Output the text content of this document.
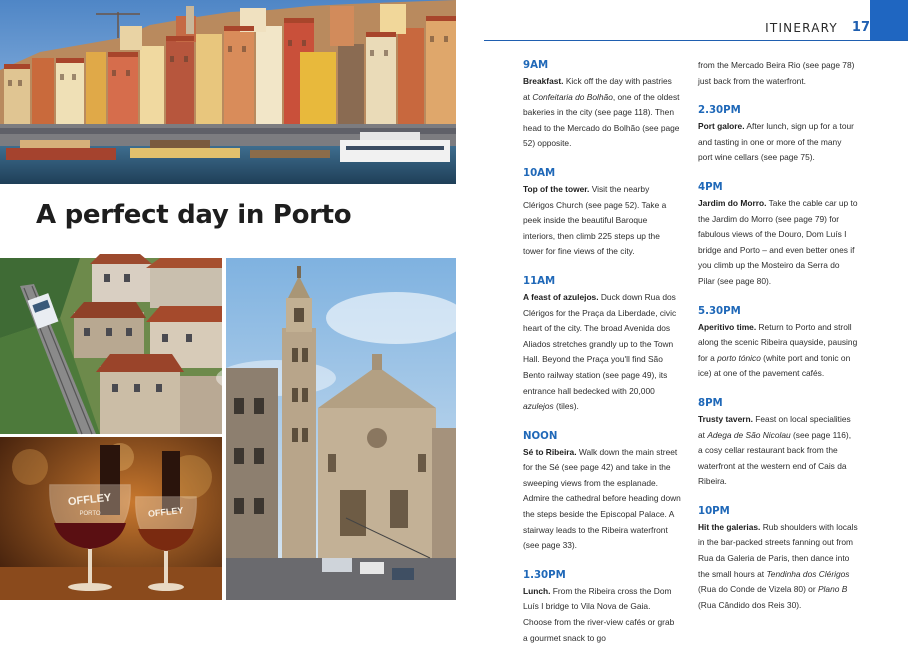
A perfect day in Porto
OFFLEY
PORTO	OFFLEY
ITINERARY 17
9AM
Breakfast. Kick off the day with pastries at Confeitaria do Bolhão, one of the oldest bakeries in the city (see page 118). Then head to the Mercado do Bolhão (see page 52) opposite.
10AM
Top of the tower. Visit the nearby Clérigos Church (see page 52). Take a peek inside the beautiful Baroque interiors, then climb 225 steps up the tower for fine views of the city.
11AM
A feast of azulejos. Duck down Rua dos Clérigos for the Praça da Liberdade, civic heart of the city. The broad Avenida dos Aliados stretches grandly up to the Town Hall. Beyond the Praça you'll find São Bento railway station (see page 49), its entrance hall bedecked with 20,000 azulejos (tiles).
NOON
Sé to Ribeira. Walk down the main street for the Sé (see page 42) and take in the sweeping views from the esplanade. Admire the cathedral before heading down the steps beside the Episcopal Palace. A stairway leads to the Ribeira waterfront (see page 33).
1.30PM
Lunch. From the Ribeira cross the Dom Luís I bridge to Vila Nova de Gaia. Choose from the river-view cafés or grab a gourmet snack to go
from the Mercado Beira Rio (see page 78) just back from the waterfront.
2.30PM
Port galore. After lunch, sign up for a tour and tasting in one or more of the many port wine cellars (see page 75).
4PM
Jardim do Morro. Take the cable car up to the Jardim do Morro (see page 79) for fabulous views of the Douro, Dom Luís I bridge and Porto – and even better ones if you climb up the Mosteiro da Serra do Pilar (see page 80).
5.30PM
Aperitivo time. Return to Porto and stroll along the scenic Ribeira quayside, pausing for a porto tónico (white port and tonic on ice) at one of the pavement cafés.
8PM
Trusty tavern. Feast on local specialities at Adega de São Nicolau (see page 116), a cosy cellar restaurant back from the waterfront at the western end of Cais da Ribeira.
10PM
Hit the galerias. Rub shoulders with locals in the bar-packed streets fanning out from Rua da Galeria de Paris, then dance into the small hours at Tendinha dos Clérigos (Rua do Conde de Vizela 80) or Plano B (Rua Cândido dos Reis 30).
